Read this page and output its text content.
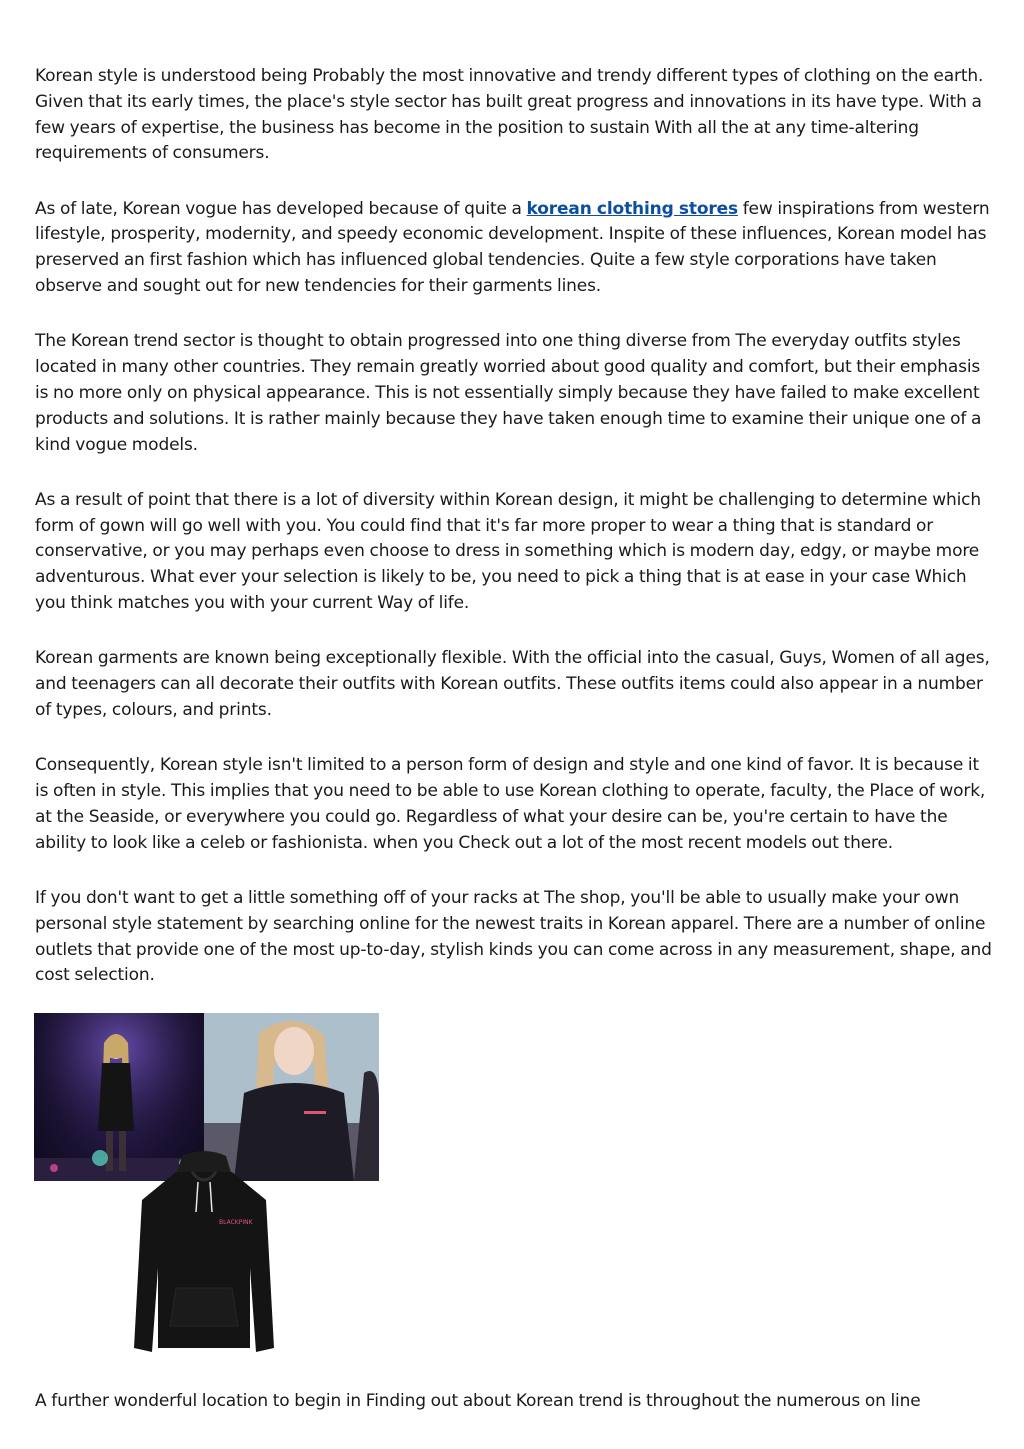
Korean style is understood being Probably the most innovative and trendy different types of clothing on the earth. Given that its early times, the place's style sector has built great progress and innovations in its have type. With a few years of expertise, the business has become in the position to sustain With all the at any time-altering requirements of consumers.

As of late, Korean vogue has developed because of quite a korean clothing stores few inspirations from western lifestyle, prosperity, modernity, and speedy economic development. Inspite of these influences, Korean model has preserved an first fashion which has influenced global tendencies. Quite a few style corporations have taken observe and sought out for new tendencies for their garments lines.

The Korean trend sector is thought to obtain progressed into one thing diverse from The everyday outfits styles located in many other countries. They remain greatly worried about good quality and comfort, but their emphasis is no more only on physical appearance. This is not essentially simply because they have failed to make excellent products and solutions. It is rather mainly because they have taken enough time to examine their unique one of a kind vogue models.

As a result of point that there is a lot of diversity within Korean design, it might be challenging to determine which form of gown will go well with you. You could find that it's far more proper to wear a thing that is standard or conservative, or you may perhaps even choose to dress in something which is modern day, edgy, or maybe more adventurous. What ever your selection is likely to be, you need to pick a thing that is at ease in your case Which you think matches you with your current Way of life.

Korean garments are known being exceptionally flexible. With the official into the casual, Guys, Women of all ages, and teenagers can all decorate their outfits with Korean outfits. These outfits items could also appear in a number of types, colours, and prints.

Consequently, Korean style isn't limited to a person form of design and style and one kind of favor. It is because it is often in style. This implies that you need to be able to use Korean clothing to operate, faculty, the Place of work, at the Seaside, or everywhere you could go. Regardless of what your desire can be, you're certain to have the ability to look like a celeb or fashionista. when you Check out a lot of the most recent models out there.

If you don't want to get a little something off of your racks at The shop, you'll be able to usually make your own personal style statement by searching online for the newest traits in Korean apparel. There are a number of online outlets that provide one of the most up-to-day, stylish kinds you can come across in any measurement, shape, and cost selection.

BLACKPINK
A further wonderful location to begin in Finding out about Korean trend is throughout the numerous on line
